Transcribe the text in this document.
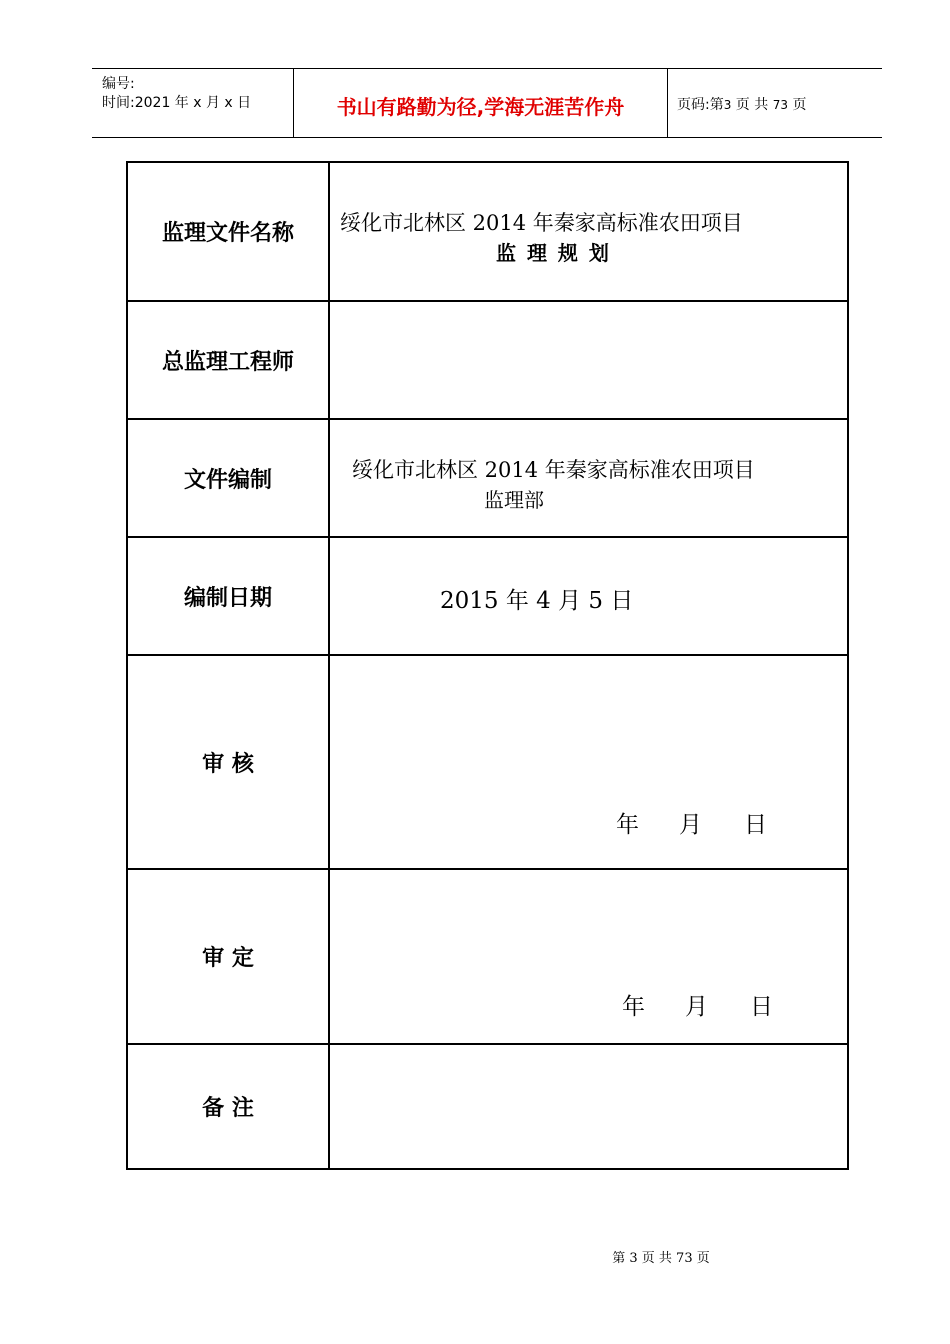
编号:
时间:2021 年 x 月 x 日	书山有路勤为径,学海无涯苦作舟	页码:第3 页 共 73 页
监理文件名称	绥化市北林区 2014 年秦家高标准农田项目
监 理 规 划

总监理工程师	
文件编制	绥化市北林区 2014 年秦家高标准农田项目
监理部

编制日期	2015 年 4 月 5 日

审 核	年 月 日

审 定	年 月 日

备 注	
第 3 页 共 73 页
